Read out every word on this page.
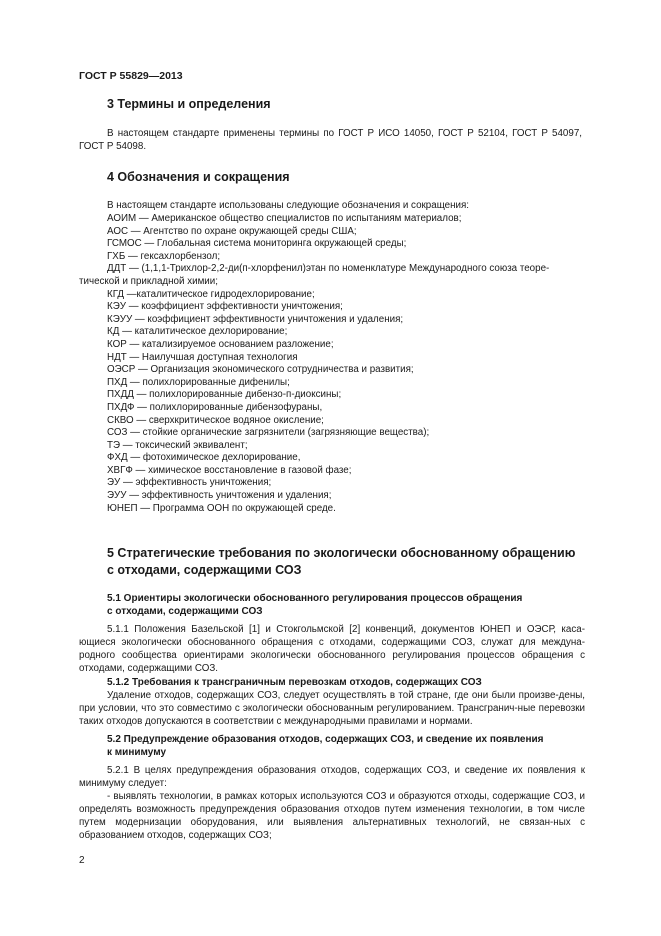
ГОСТ Р 55829—2013
3 Термины и определения
В настоящем стандарте применены термины по ГОСТ Р ИСО 14050, ГОСТ Р 52104, ГОСТ Р 54097, ГОСТ Р 54098.
4 Обозначения и сокращения
В настоящем стандарте использованы следующие обозначения и сокращения:
АОИМ — Американское общество специалистов по испытаниям материалов;
АОС — Агентство по охране окружающей среды США;
ГСМОС — Глобальная система мониторинга окружающей среды;
ГХБ — гексахлорбензол;
ДДТ — (1,1,1-Трихлор-2,2-ди(п-хлорфенил)этан по номенклатуре Международного союза теоре-
тической и прикладной химии;
КГД —каталитическое гидродехлорирование;
КЭУ — коэффициент эффективности уничтожения;
КЭУУ — коэффициент эффективности уничтожения и удаления;
КД — каталитическое дехлорирование;
КОР — катализируемое основанием разложение;
НДТ — Наилучшая доступная технология
ОЭСР — Организация экономического сотрудничества и развития;
ПХД — полихлорированные дифенилы;
ПХДД — полихлорированные дибензо-п-диоксины;
ПХДФ — полихлорированные дибензофураны,
СКВО — сверхкритическое водяное окисление;
СОЗ — стойкие органические загрязнители (загрязняющие вещества);
ТЭ — токсический эквивалент;
ФХД — фотохимическое дехлорирование,
ХВГФ — химическое восстановление в газовой фазе;
ЭУ — эффективность уничтожения;
ЭУУ — эффективность уничтожения и удаления;
ЮНЕП — Программа ООН по окружающей среде.
5 Стратегические требования по экологически обоснованному обращению
с отходами, содержащими СОЗ
5.1 Ориентиры экологически обоснованного регулирования процессов обращения
с отходами, содержащими СОЗ
5.1.1 Положения Базельской [1] и Стокгольмской [2] конвенций, документов ЮНЕП и ОЭСР, каса-ющиеся экологически обоснованного обращения с отходами, содержащими СОЗ, служат для междуна-родного сообщества ориентирами экологически обоснованного регулирования процессов обращения с отходами, содержащими СОЗ.
5.1.2 Требования к трансграничным перевозкам отходов, содержащих СОЗ
Удаление отходов, содержащих СОЗ, следует осуществлять в той стране, где они были произве-дены, при условии, что это совместимо с экологически обоснованным регулированием. Трансгранич-ные перевозки таких отходов допускаются в соответствии с международными правилами и нормами.
5.2 Предупреждение образования отходов, содержащих СОЗ, и сведение их появления
к минимуму
5.2.1 В целях предупреждения образования отходов, содержащих СОЗ, и сведение их появления к минимуму следует:
- выявлять технологии, в рамках которых используются СОЗ и образуются отходы, содержащие СОЗ, и определять возможность предупреждения образования отходов путем изменения технологии, в том числе путем модернизации оборудования, или выявления альтернативных технологий, не связан-ных с образованием отходов, содержащих СОЗ;
2
